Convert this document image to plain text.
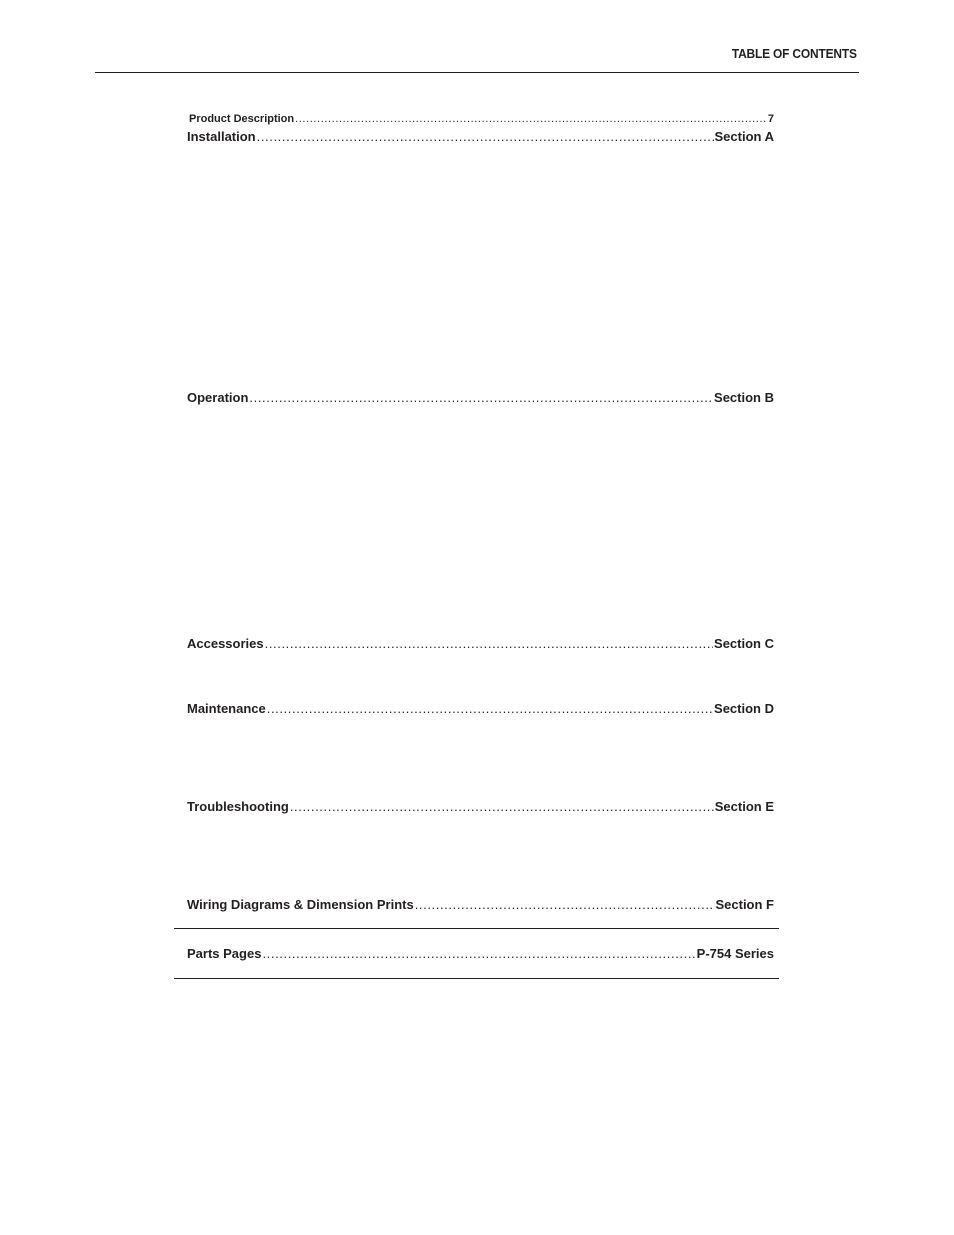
TABLE OF CONTENTS
Product Description .....	7
Installation .....	Section A
Operation .....	Section B
Accessories .....	Section C
Maintenance .....	Section D
Troubleshooting .....	Section E
Wiring Diagrams & Dimension Prints .....	Section F
Parts Pages .....	P-754 Series
